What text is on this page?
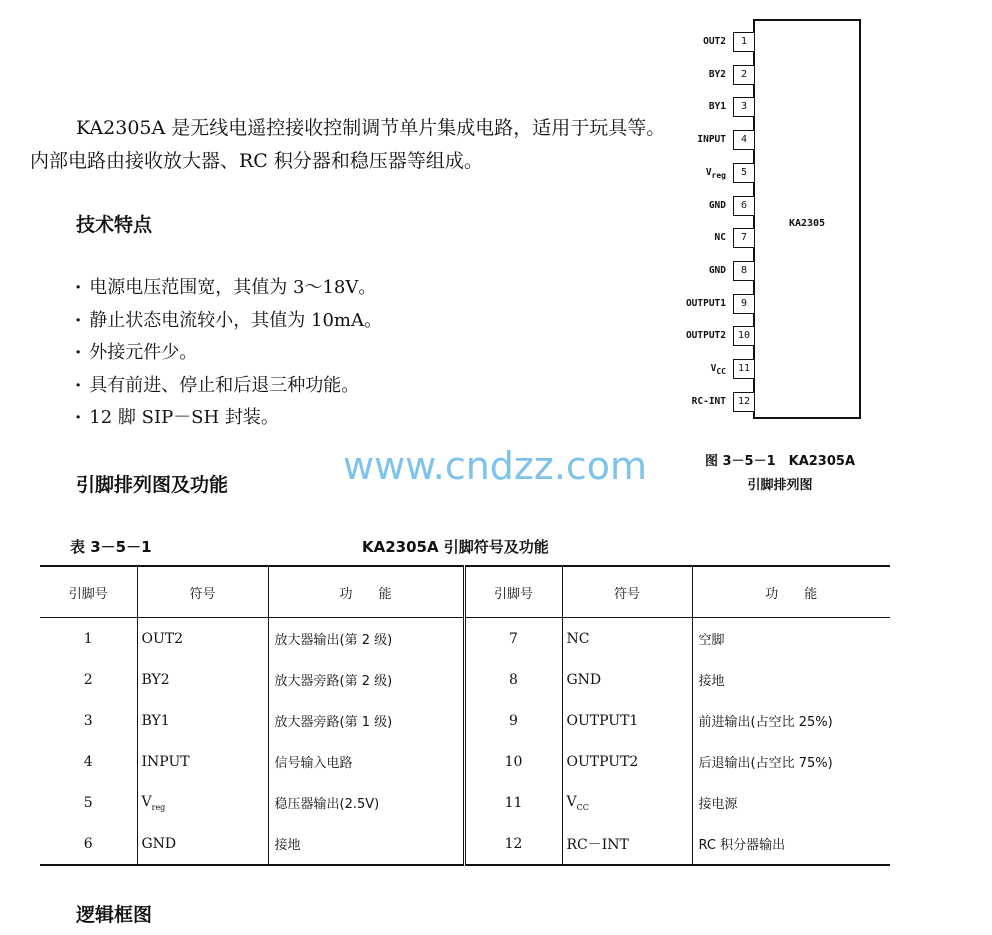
KA2305A 是无线电遥控接收控制调节单片集成电路，适用于玩具等。内部电路由接收放大器、RC 积分器和稳压器等组成。
技术特点
· 电源电压范围宽，其值为 3～18V。
· 静止状态电流较小，其值为 10mA。
· 外接元件少。
· 具有前进、停止和后退三种功能。
· 12 脚 SIP－SH 封装。
引脚排列图及功能
KA2305
1
OUT2
2
BY2
3
BY1
4
INPUT
5
$V_{reg}$
6
GND
7
NC
8
GND
9
OUTPUT1
10
OUTPUT2
11
$V_{CC}$
12
RC-INT
图 3－5－1　KA2305A
引脚排列图
www.cndzz.com
表 3－5－1	KA2305A 引脚符号及功能
引脚号	符号	功　　能	引脚号	符号	功　　能
1	OUT2	放大器输出(第 2 级)	7	NC	空脚
2	BY2	放大器旁路(第 2 级)	8	GND	接地
3	BY1	放大器旁路(第 1 级)	9	OUTPUT1	前进输出(占空比 25%)
4	INPUT	信号输入电路	10	OUTPUT2	后退输出(占空比 75%)
5	$V_{reg}$	稳压器输出(2.5V)	11	$V_{CC}$	接电源
6	GND	接地	12	RC－INT	RC 积分器输出
逻辑框图
